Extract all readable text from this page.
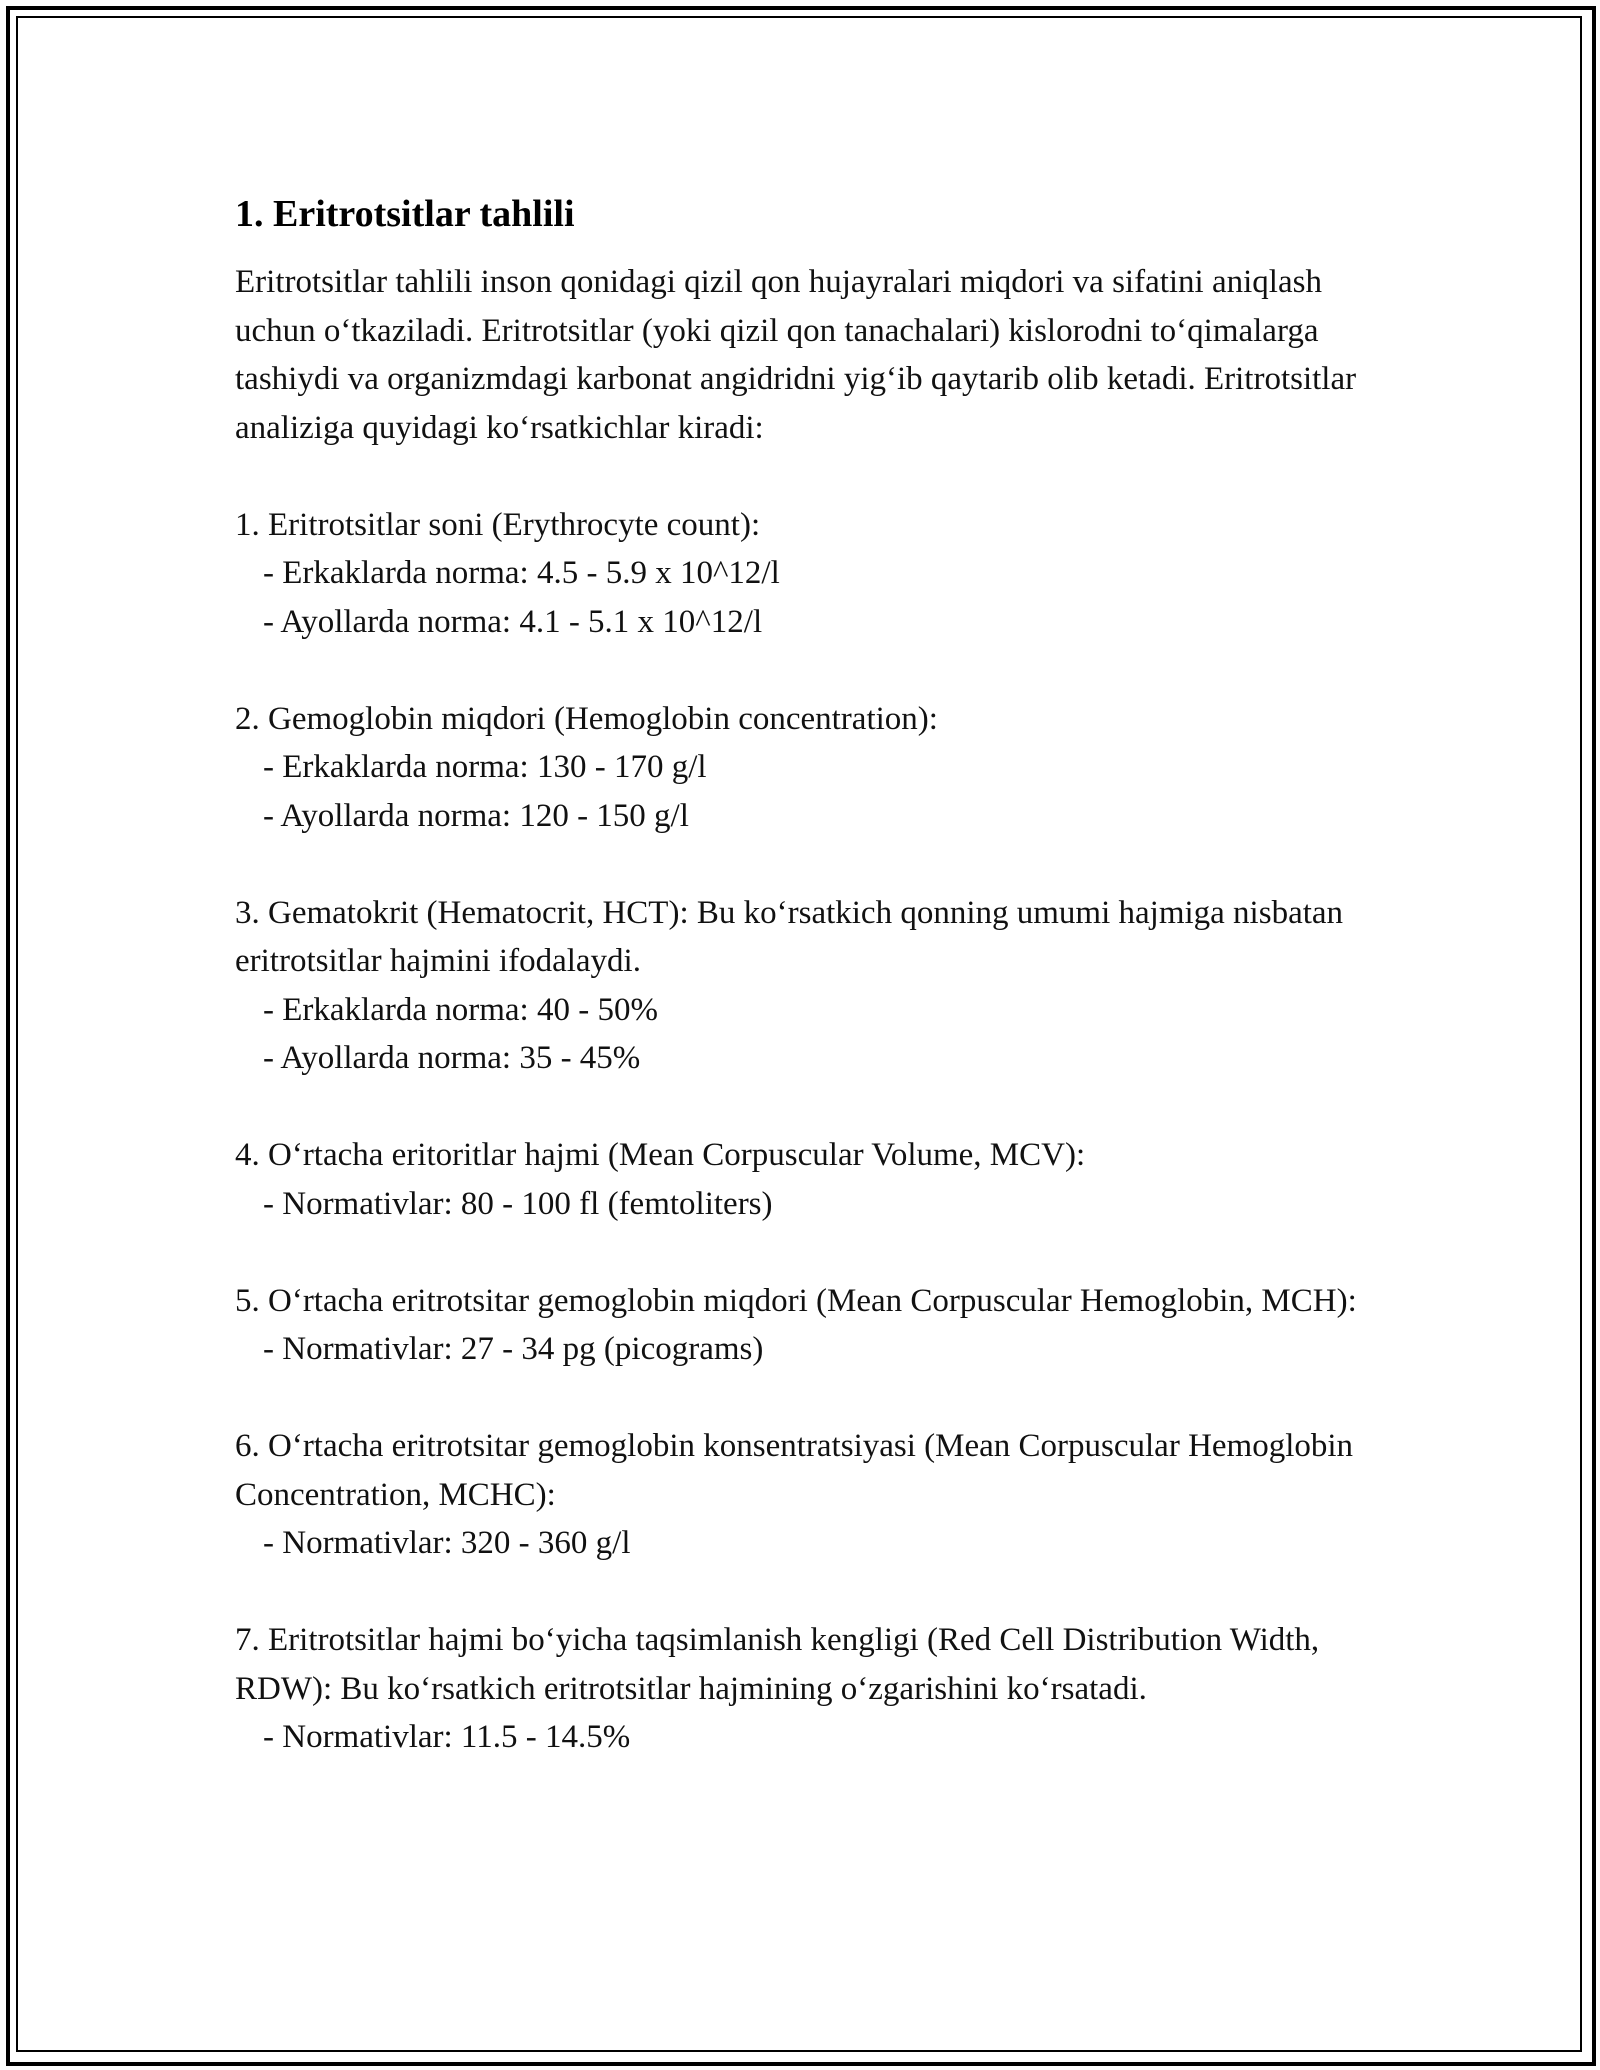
1. Eritrotsitlar tahlili

Eritrotsitlar tahlili inson qonidagi qizil qon hujayralari miqdori va sifatini aniqlash uchun o‘tkaziladi. Eritrotsitlar (yoki qizil qon tanachalari) kislorodni to‘qimalarga tashiydi va organizmdagi karbonat angidridni yig‘ib qaytarib olib ketadi. Eritrotsitlar analiziga quyidagi ko‘rsatkichlar kiradi:

1. Eritrotsitlar soni (Erythrocyte count):

- Erkaklarda norma: 4.5 - 5.9 x 10^12/l
- Ayollarda norma: 4.1 - 5.1 x 10^12/l

2. Gemoglobin miqdori (Hemoglobin concentration):

- Erkaklarda norma: 130 - 170 g/l
- Ayollarda norma: 120 - 150 g/l

3. Gematokrit (Hematocrit, HCT): Bu ko‘rsatkich qonning umumi hajmiga nisbatan eritrotsitlar hajmini ifodalaydi.

- Erkaklarda norma: 40 - 50%
- Ayollarda norma: 35 - 45%

4. O‘rtacha eritoritlar hajmi (Mean Corpuscular Volume, MCV):

- Normativlar: 80 - 100 fl (femtoliters)

5. O‘rtacha eritrotsitar gemoglobin miqdori (Mean Corpuscular Hemoglobin, MCH):

- Normativlar: 27 - 34 pg (picograms)

6. O‘rtacha eritrotsitar gemoglobin konsentratsiyasi (Mean Corpuscular Hemoglobin Concentration, MCHC):

- Normativlar: 320 - 360 g/l

7. Eritrotsitlar hajmi bo‘yicha taqsimlanish kengligi (Red Cell Distribution Width, RDW): Bu ko‘rsatkich eritrotsitlar hajmining o‘zgarishini ko‘rsatadi.

- Normativlar: 11.5 - 14.5%
